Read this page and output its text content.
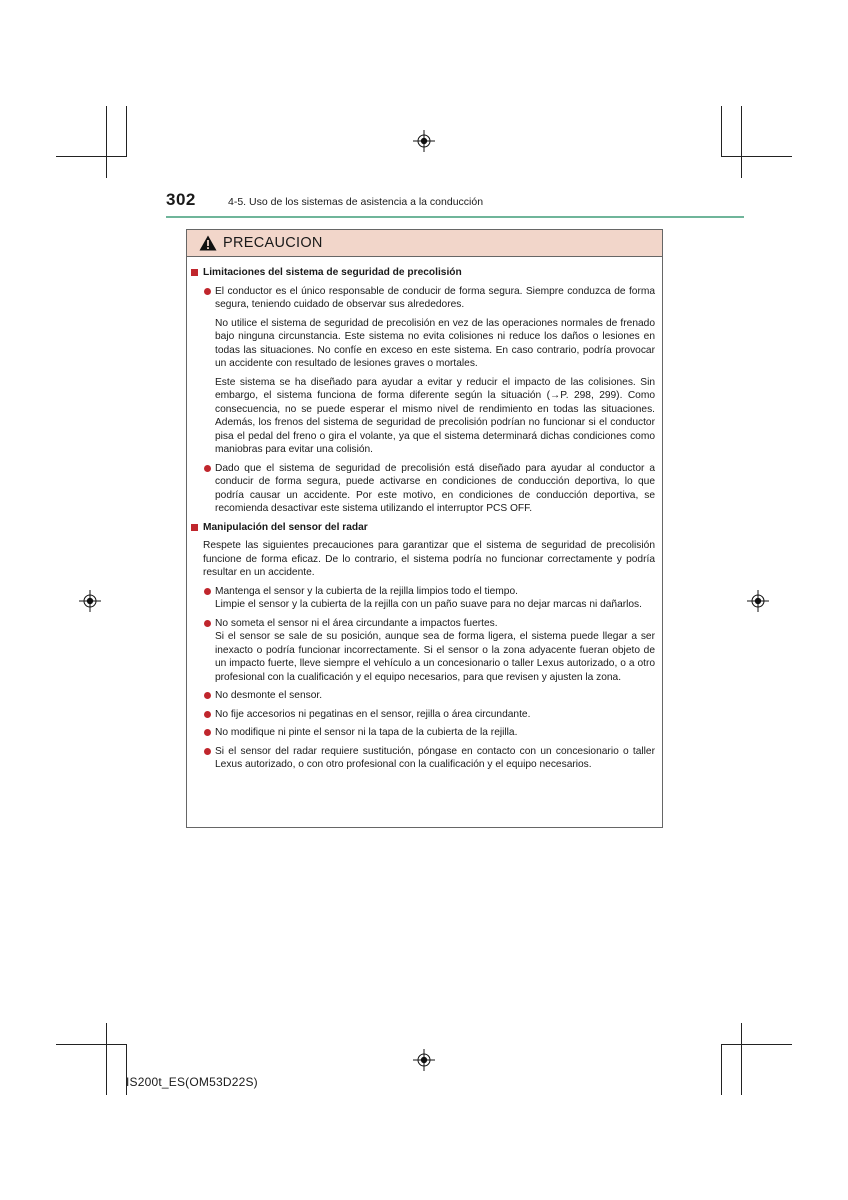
302	4-5. Uso de los sistemas de asistencia a la conducción
PRECAUCION
Limitaciones del sistema de seguridad de precolisión
El conductor es el único responsable de conducir de forma segura. Siempre conduzca de forma segura, teniendo cuidado de observar sus alrededores.
No utilice el sistema de seguridad de precolisión en vez de las operaciones normales de frenado bajo ninguna circunstancia. Este sistema no evita colisiones ni reduce los daños o lesiones en todas las situaciones. No confíe en exceso en este sistema. En caso contrario, podría provocar un accidente con resultado de lesiones graves o mortales.
Este sistema se ha diseñado para ayudar a evitar y reducir el impacto de las colisiones. Sin embargo, el sistema funciona de forma diferente según la situación (→P. 298, 299). Como consecuencia, no se puede esperar el mismo nivel de rendimiento en todas las situaciones. Además, los frenos del sistema de seguridad de precolisión podrían no funcionar si el conductor pisa el pedal del freno o gira el volante, ya que el sistema determinará dichas condiciones como maniobras para evitar una colisión.
Dado que el sistema de seguridad de precolisión está diseñado para ayudar al conductor a conducir de forma segura, puede activarse en condiciones de conducción deportiva, lo que podría causar un accidente. Por este motivo, en condiciones de conducción deportiva, se recomienda desactivar este sistema utilizando el interruptor PCS OFF.
Manipulación del sensor del radar
Respete las siguientes precauciones para garantizar que el sistema de seguridad de precolisión funcione de forma eficaz. De lo contrario, el sistema podría no funcionar correctamente y podría resultar en un accidente.
Mantenga el sensor y la cubierta de la rejilla limpios todo el tiempo.
Limpie el sensor y la cubierta de la rejilla con un paño suave para no dejar marcas ni dañarlos.
No someta el sensor ni el área circundante a impactos fuertes.
Si el sensor se sale de su posición, aunque sea de forma ligera, el sistema puede llegar a ser inexacto o podría funcionar incorrectamente. Si el sensor o la zona adyacente fueran objeto de un impacto fuerte, lleve siempre el vehículo a un concesionario o taller Lexus autorizado, o a otro profesional con la cualificación y el equipo necesarios, para que revisen y ajusten la zona.
No desmonte el sensor.
No fije accesorios ni pegatinas en el sensor, rejilla o área circundante.
No modifique ni pinte el sensor ni la tapa de la cubierta de la rejilla.
Si el sensor del radar requiere sustitución, póngase en contacto con un concesionario o taller Lexus autorizado, o con otro profesional con la cualificación y el equipo necesarios.
IS200t_ES(OM53D22S)
